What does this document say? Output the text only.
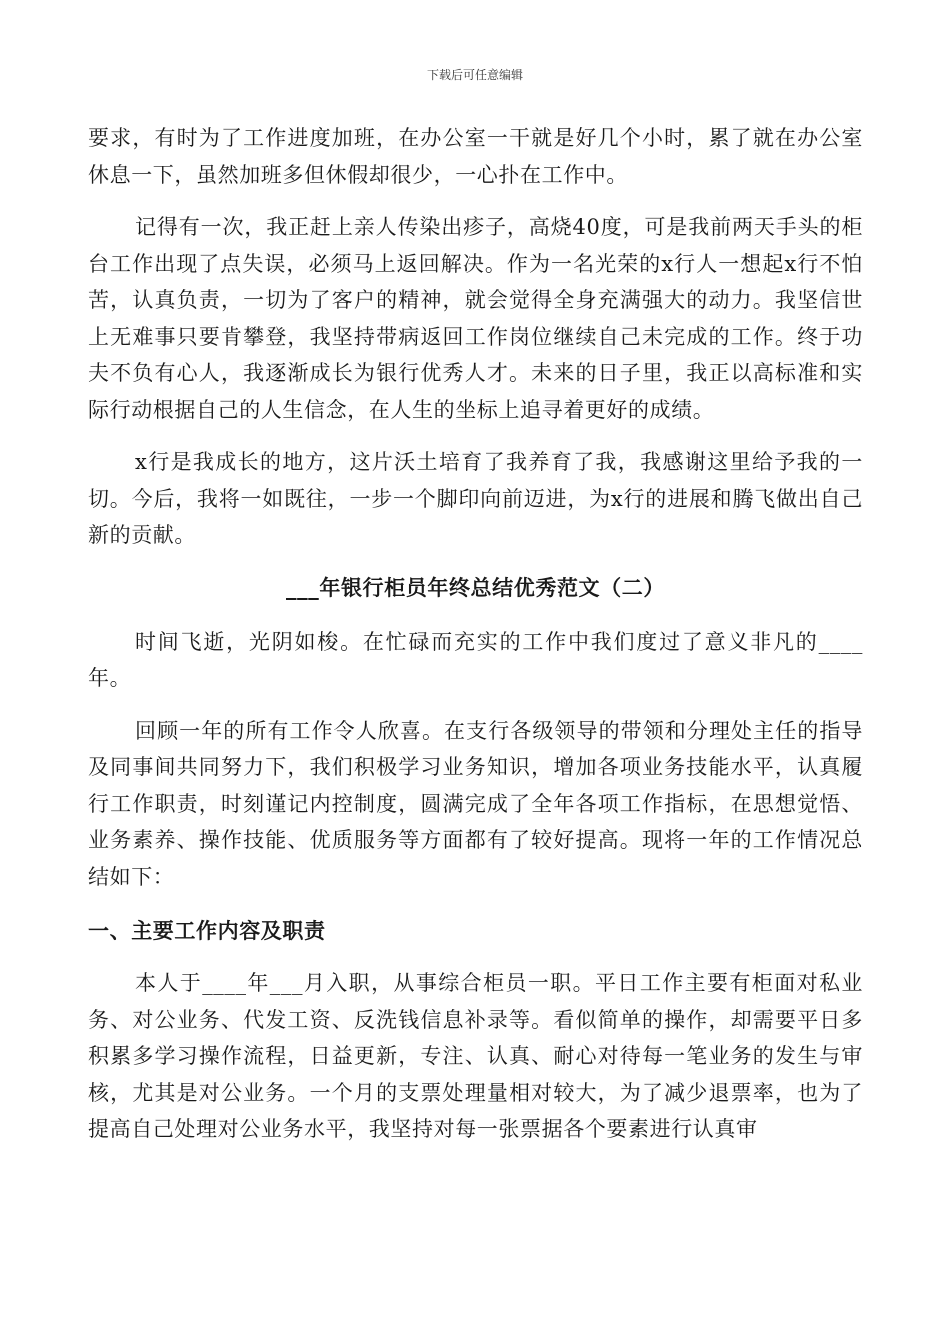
下载后可任意编辑

要求，有时为了工作进度加班，在办公室一干就是好几个小时，累了就在办公室休息一下，虽然加班多但休假却很少，一心扑在工作中。

记得有一次，我正赶上亲人传染出疹子，高烧40度，可是我前两天手头的柜台工作出现了点失误，必须马上返回解决。作为一名光荣的x行人一想起x行不怕苦，认真负责，一切为了客户的精神，就会觉得全身充满强大的动力。我坚信世上无难事只要肯攀登，我坚持带病返回工作岗位继续自己未完成的工作。终于功夫不负有心人，我逐渐成长为银行优秀人才。未来的日子里，我正以高标准和实际行动根据自己的人生信念，在人生的坐标上追寻着更好的成绩。

x行是我成长的地方，这片沃土培育了我养育了我，我感谢这里给予我的一切。今后，我将一如既往，一步一个脚印向前迈进，为x行的进展和腾飞做出自己新的贡献。

___年银行柜员年终总结优秀范文（二）

时间飞逝，光阴如梭。在忙碌而充实的工作中我们度过了意义非凡的____年。

回顾一年的所有工作令人欣喜。在支行各级领导的带领和分理处主任的指导及同事间共同努力下，我们积极学习业务知识，增加各项业务技能水平，认真履行工作职责，时刻谨记内控制度，圆满完成了全年各项工作指标，在思想觉悟、业务素养、操作技能、优质服务等方面都有了较好提高。现将一年的工作情况总结如下：

一、主要工作内容及职责

本人于____年___月入职，从事综合柜员一职。平日工作主要有柜面对私业务、对公业务、代发工资、反洗钱信息补录等。看似简单的操作，却需要平日多积累多学习操作流程，日益更新，专注、认真、耐心对待每一笔业务的发生与审核，尤其是对公业务。一个月的支票处理量相对较大，为了减少退票率，也为了提高自己处理对公业务水平，我坚持对每一张票据各个要素进行认真审
